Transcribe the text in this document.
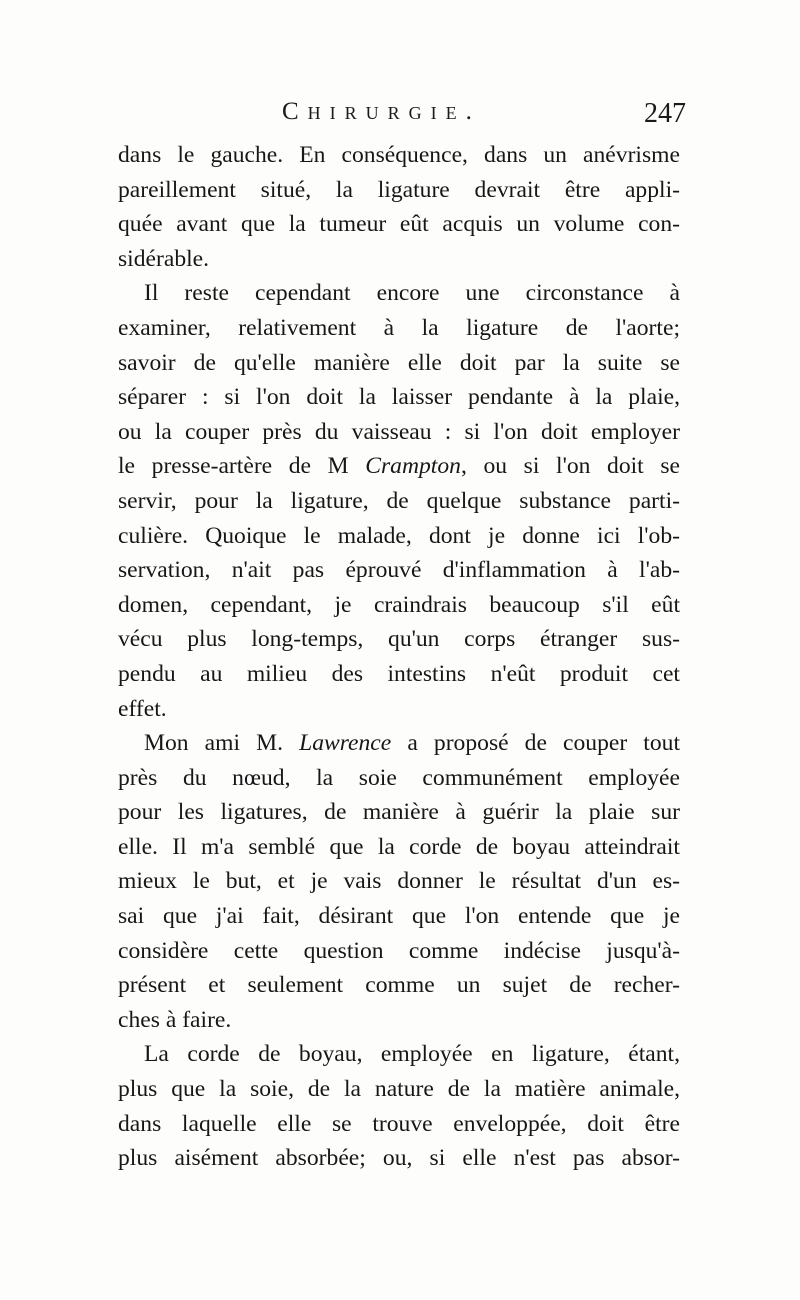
Chirurgie.	247
dans le gauche. En conséquence, dans un anévrisme
pareillement situé, la ligature devrait être appli-
quée avant que la tumeur eût acquis un volume con-
sidérable.
Il reste cependant encore une circonstance à
examiner, relativement à la ligature de l'aorte;
savoir de qu'elle manière elle doit par la suite se
séparer : si l'on doit la laisser pendante à la plaie,
ou la couper près du vaisseau : si l'on doit employer
le presse-artère de M Crampton, ou si l'on doit se
servir, pour la ligature, de quelque substance parti-
culière. Quoique le malade, dont je donne ici l'ob-
servation, n'ait pas éprouvé d'inflammation à l'ab-
domen, cependant, je craindrais beaucoup s'il eût
vécu plus long-temps, qu'un corps étranger sus-
pendu au milieu des intestins n'eût produit cet
effet.
Mon ami M. Lawrence a proposé de couper tout
près du nœud, la soie communément employée
pour les ligatures, de manière à guérir la plaie sur
elle. Il m'a semblé que la corde de boyau atteindrait
mieux le but, et je vais donner le résultat d'un es-
sai que j'ai fait, désirant que l'on entende que je
considère cette question comme indécise jusqu'à-
présent et seulement comme un sujet de recher-
ches à faire.
La corde de boyau, employée en ligature, étant,
plus que la soie, de la nature de la matière animale,
dans laquelle elle se trouve enveloppée, doit être
plus aisément absorbée; ou, si elle n'est pas absor-
